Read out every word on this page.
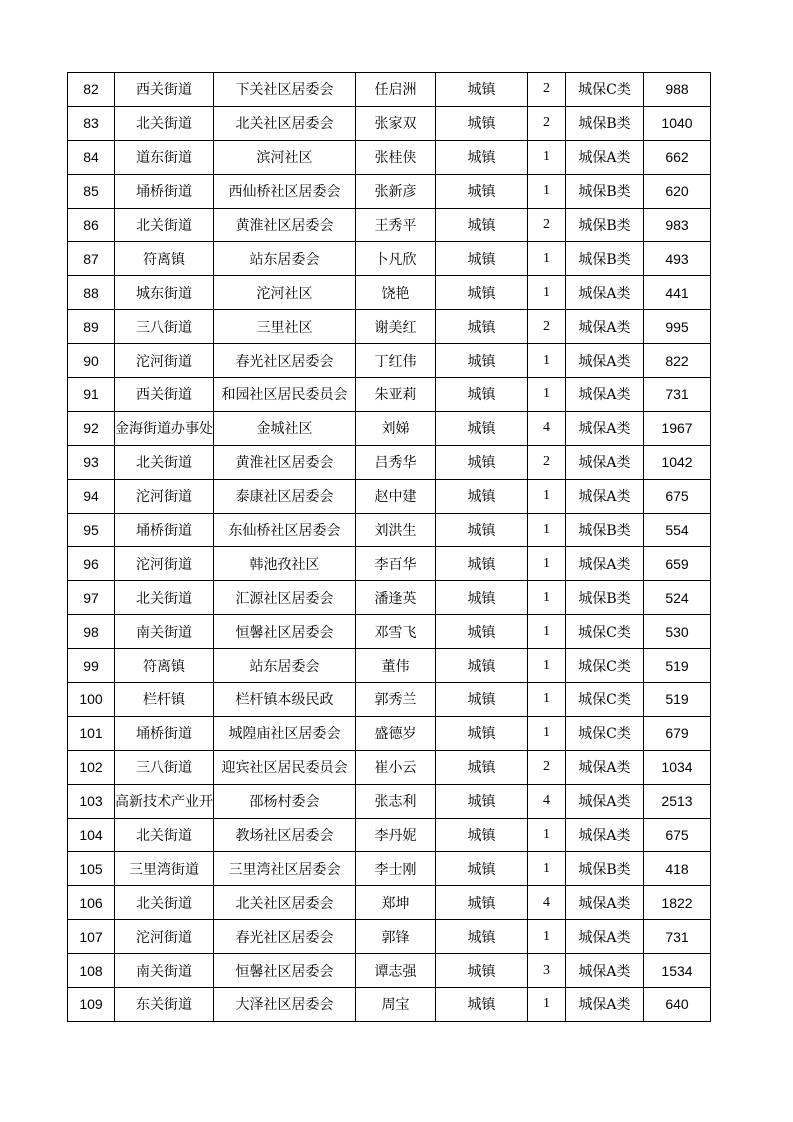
82	西关街道	下关社区居委会	任启洲	城镇	2	城保C类	988
83	北关街道	北关社区居委会	张家双	城镇	2	城保B类	1040
84	道东街道	滨河社区	张桂侠	城镇	1	城保A类	662
85	埇桥街道	西仙桥社区居委会	张新彦	城镇	1	城保B类	620
86	北关街道	黄淮社区居委会	王秀平	城镇	2	城保B类	983
87	符离镇	站东居委会	卜凡欣	城镇	1	城保B类	493
88	城东街道	沱河社区	饶艳	城镇	1	城保A类	441
89	三八街道	三里社区	谢美红	城镇	2	城保A类	995
90	沱河街道	春光社区居委会	丁红伟	城镇	1	城保A类	822
91	西关街道	和园社区居民委员会	朱亚莉	城镇	1	城保A类	731
92	金海街道办事处	金城社区	刘娣	城镇	4	城保A类	1967
93	北关街道	黄淮社区居委会	吕秀华	城镇	2	城保A类	1042
94	沱河街道	泰康社区居委会	赵中建	城镇	1	城保A类	675
95	埇桥街道	东仙桥社区居委会	刘洪生	城镇	1	城保B类	554
96	沱河街道	韩池孜社区	李百华	城镇	1	城保A类	659
97	北关街道	汇源社区居委会	潘逢英	城镇	1	城保B类	524
98	南关街道	恒馨社区居委会	邓雪飞	城镇	1	城保C类	530
99	符离镇	站东居委会	董伟	城镇	1	城保C类	519
100	栏杆镇	栏杆镇本级民政	郭秀兰	城镇	1	城保C类	519
101	埇桥街道	城隍庙社区居委会	盛德岁	城镇	1	城保C类	679
102	三八街道	迎宾社区居民委员会	崔小云	城镇	2	城保A类	1034
103	高新技术产业开	邵杨村委会	张志利	城镇	4	城保A类	2513
104	北关街道	教场社区居委会	李丹妮	城镇	1	城保A类	675
105	三里湾街道	三里湾社区居委会	李士刚	城镇	1	城保B类	418
106	北关街道	北关社区居委会	郑坤	城镇	4	城保A类	1822
107	沱河街道	春光社区居委会	郭锋	城镇	1	城保A类	731
108	南关街道	恒馨社区居委会	谭志强	城镇	3	城保A类	1534
109	东关街道	大泽社区居委会	周宝	城镇	1	城保A类	640
